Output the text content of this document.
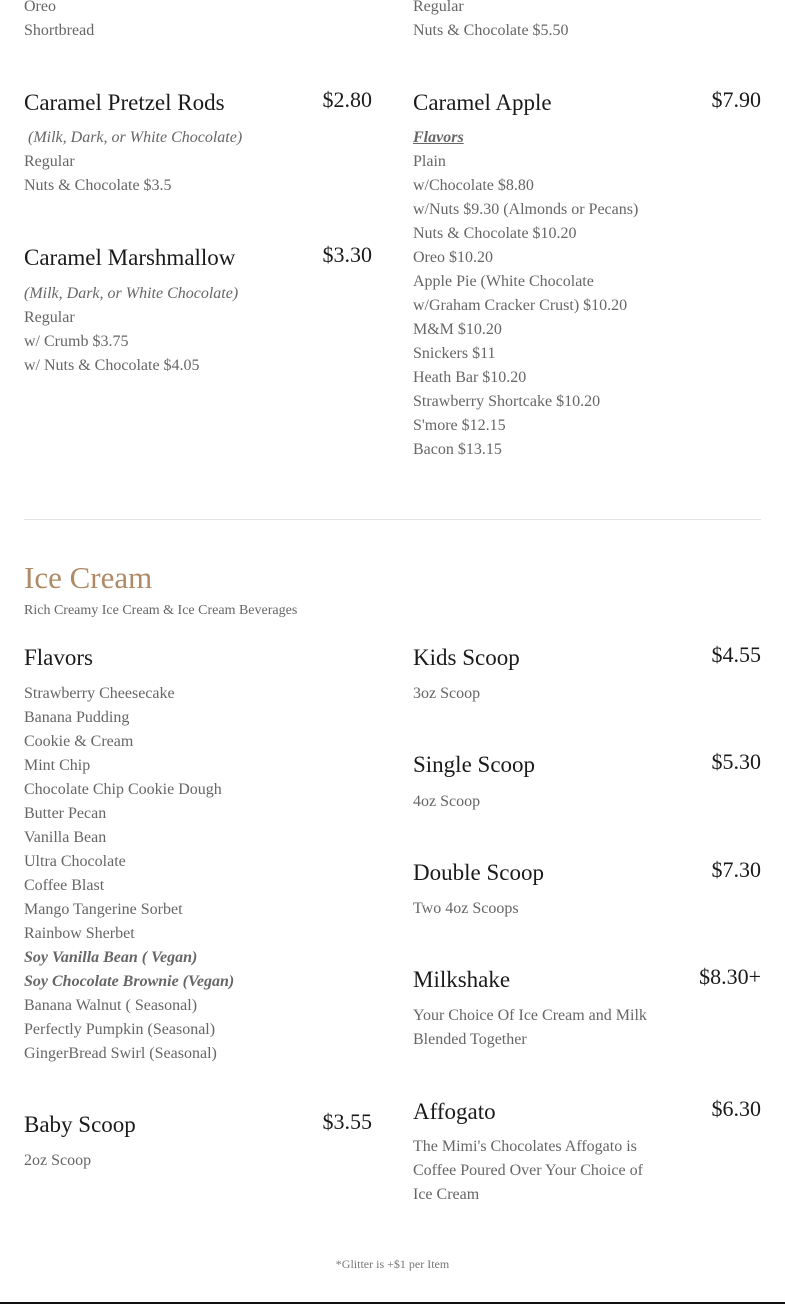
Oreo
Shortbread
Regular
Nuts & Chocolate $5.50
Caramel Pretzel Rods	$2.80
(Milk, Dark, or White Chocolate)
Regular
Nuts & Chocolate $3.5
Caramel Marshmallow	$3.30
(Milk, Dark, or White Chocolate)
Regular
w/ Crumb $3.75
w/ Nuts & Chocolate $4.05
Caramel Apple	$7.90
Flavors
Plain
w/Chocolate $8.80
w/Nuts $9.30 (Almonds or Pecans)
Nuts & Chocolate $10.20
Oreo $10.20
Apple Pie (White Chocolate
w/Graham Cracker Crust) $10.20
M&M $10.20
Snickers $11
Heath Bar $10.20
Strawberry Shortcake $10.20
S'more $12.15
Bacon $13.15
Ice Cream
Rich Creamy Ice Cream & Ice Cream Beverages
Flavors
Strawberry Cheesecake
Banana Pudding
Cookie & Cream
Mint Chip
Chocolate Chip Cookie Dough
Butter Pecan
Vanilla Bean
Ultra Chocolate
Coffee Blast
Mango Tangerine Sorbet
Rainbow Sherbet
Soy Vanilla Bean ( Vegan)
Soy Chocolate Brownie (Vegan)
Banana Walnut ( Seasonal)
Perfectly Pumpkin (Seasonal)
GingerBread Swirl (Seasonal)
Baby Scoop	$3.55
2oz Scoop
Kids Scoop	$4.55
3oz Scoop
Single Scoop	$5.30
4oz Scoop
Double Scoop	$7.30
Two 4oz Scoops
Milkshake	$8.30+
Your Choice Of Ice Cream and Milk
Blended Together
Affogato	$6.30
The Mimi's Chocolates Affogato is
Coffee Poured Over Your Choice of
Ice Cream
*Glitter is +$1 per Item
